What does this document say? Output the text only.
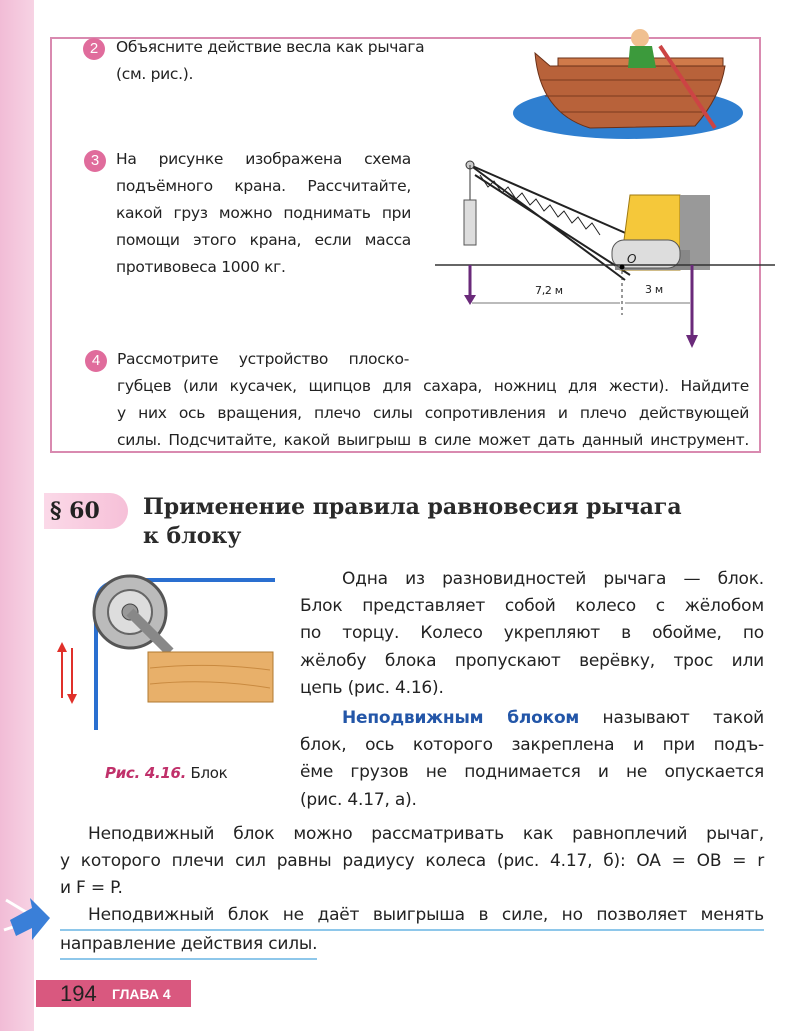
2	Объясните действие весла как рычага
(см. рис.).
3	На рисунке изображена схема
подъёмного крана. Рассчитайте,
какой груз можно поднимать при
помощи этого крана, если масса
противовеса 1000 кг.	O
7,2 м	3 м
4	Рассмотрите устройство плоско-
губцев (или кусачек, щипцов для сахара, ножниц для жести). Найдите
у них ось вращения, плечо силы сопротивления и плечо действующей
силы. Подсчитайте, какой выигрыш в силе может дать данный инструмент.
§ 60	Применение правила равновесия рычага
к блоку
Рис. 4.16. Блок
Одна из разновидностей рычага — блок.
Блок представляет собой колесо с жёлобом
по торцу. Колесо укрепляют в обойме, по
жёлобу блока пропускают верёвку, трос или
цепь (рис. 4.16).
Неподвижным блоком называют такой
блок, ось которого закреплена и при подъ-
ёме грузов не поднимается и не опускается
(рис. 4.17, а).
Неподвижный блок можно рассматривать как равноплечий рычаг,
у которого плечи сил равны радиусу колеса (рис. 4.17, б): OA = OB = r
и F = P.
Неподвижный блок не даёт выигрыша в силе, но позволяет менять
направление действия силы.
194 ГЛАВА 4
